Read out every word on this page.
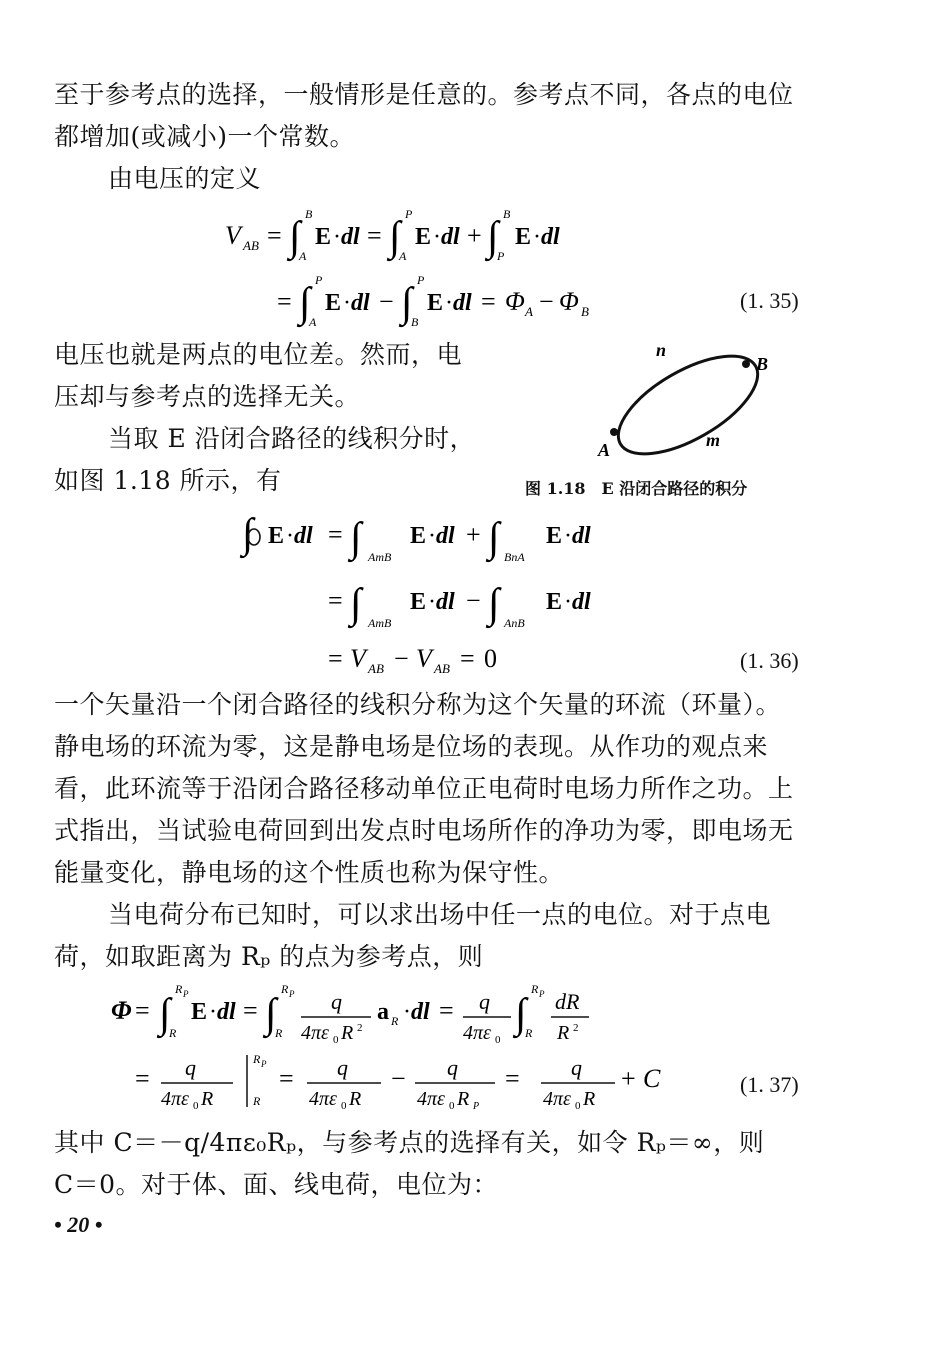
至于参考点的选择，一般情形是任意的。参考点不同，各点的电位
都增加(或减小)一个常数。
由电压的定义
V AB = ∫ B
A
E · dl = ∫ P
A
E · dl + ∫ B
P
E · dl
= ∫ P
A
E · dl − ∫ P
B
E · dl = Φ A − Φ B	(1. 35)
电压也就是两点的电位差。然而，电
压却与参考点的选择无关。
当取 E 沿闭合路径的线积分时，
如图 1.18 所示，有
B
A
n
m
图 1.18　E 沿闭合路径的积分
∫ E · dl = ∫ AmB
E · dl + ∫ BnA
E · dl
= ∫ AmB
E · dl − ∫ AnB
E · dl
= V AB − V AB = 0	(1. 36)
一个矢量沿一个闭合路径的线积分称为这个矢量的环流（环量）。
静电场的环流为零，这是静电场是位场的表现。从作功的观点来
看，此环流等于沿闭合路径移动单位正电荷时电场力所作之功。上
式指出，当试验电荷回到出发点时电场所作的净功为零，即电场无
能量变化，静电场的这个性质也称为保守性。
当电荷分布已知时，可以求出场中任一点的电位。对于点电
荷，如取距离为 Rₚ 的点为参考点，则
Φ = ∫
R P
R
E · dl = ∫
R P
R
q
4πε 0 R 2
a R · dl = q
4πε 0
∫
R P
R
dR
R 2
= q
4πε 0 R
R P
R
= q
4πε 0 R
− q
4πε 0 R P
= q
4πε 0 R
+ C	(1. 37)
其中 C＝－q/4πε₀Rₚ，与参考点的选择有关，如令 Rₚ＝∞，则
C＝0。对于体、面、线电荷，电位为：
• 20 •
